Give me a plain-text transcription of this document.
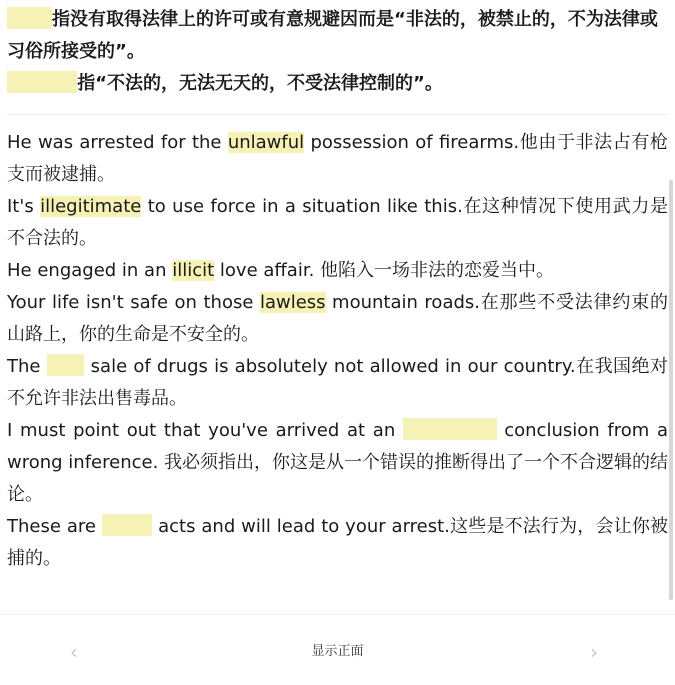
指没有取得法律上的许可或有意规避因而是“非法的，被禁止的，不为法律或习俗所接受的”。
指“不法的，无法无天的，不受法律控制的”。

He was arrested for the unlawful possession of firearms.他由于非法占有枪支而被逮捕。

It's illegitimate to use force in a situation like this.在这种情况下使用武力是不合法的。

He engaged in an illicit love affair. 他陷入一场非法的恋爱当中。

Your life isn't safe on those lawless mountain roads.在那些不受法律约束的山路上，你的生命是不安全的。

The  sale of drugs is absolutely not allowed in our country.在我国绝对不允许非法出售毒品。

I must point out that you've arrived at an	conclusion from a wrong inference. 我必须指出，你这是从一个错误的推断得出了一个不合逻辑的结论。

These are	acts and will lead to your arrest.这些是不法行为，会让你被捕的。

‹	显示正面	›
